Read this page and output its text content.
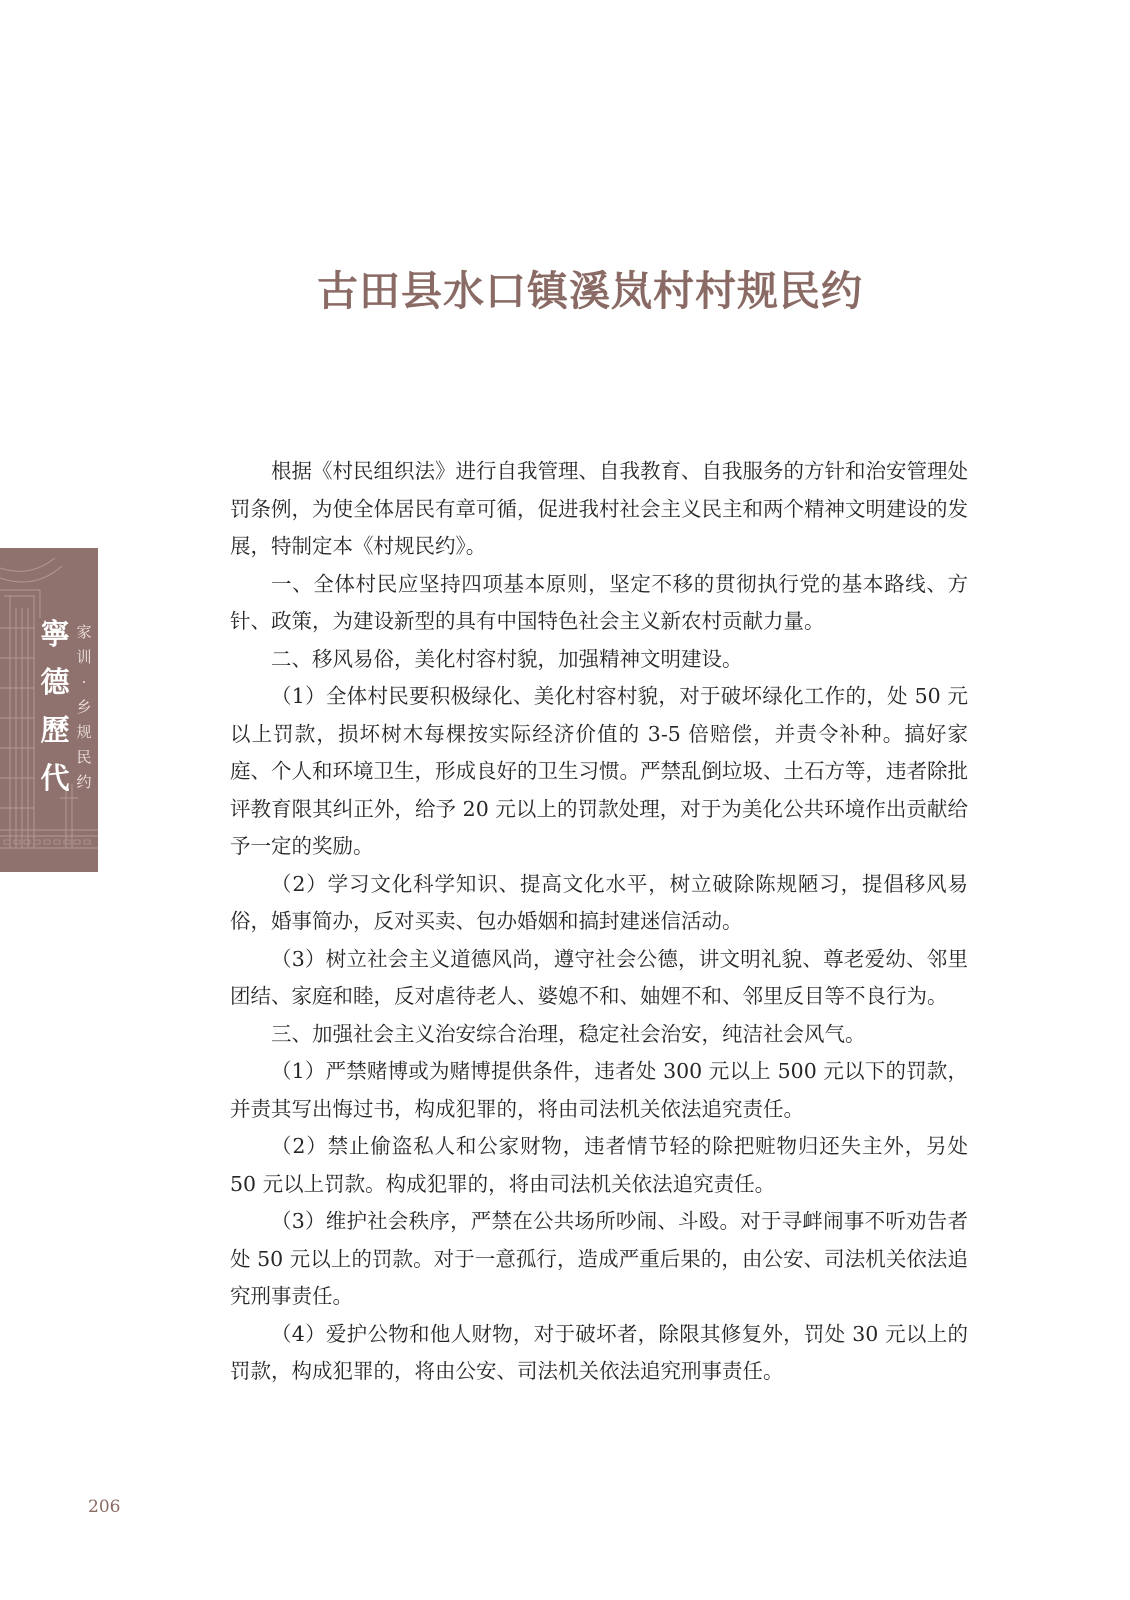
古田县水口镇溪岚村村规民约
寧
德
歷
代
家
训
·
乡
规
民
约

根据《村民组织法》进行自我管理、自我教育、自我服务的方针和治安管理处罚条例，为使全体居民有章可循，促进我村社会主义民主和两个精神文明建设的发展，特制定本《村规民约》。

一、全体村民应坚持四项基本原则，坚定不移的贯彻执行党的基本路线、方针、政策，为建设新型的具有中国特色社会主义新农村贡献力量。

二、移风易俗，美化村容村貌，加强精神文明建设。

（1）全体村民要积极绿化、美化村容村貌，对于破坏绿化工作的，处 50 元以上罚款，损坏树木每棵按实际经济价值的 3-5 倍赔偿，并责令补种。搞好家庭、个人和环境卫生，形成良好的卫生习惯。严禁乱倒垃圾、土石方等，违者除批评教育限其纠正外，给予 20 元以上的罚款处理，对于为美化公共环境作出贡献给予一定的奖励。

（2）学习文化科学知识、提高文化水平，树立破除陈规陋习，提倡移风易俗，婚事简办，反对买卖、包办婚姻和搞封建迷信活动。

（3）树立社会主义道德风尚，遵守社会公德，讲文明礼貌、尊老爱幼、邻里团结、家庭和睦，反对虐待老人、婆媳不和、妯娌不和、邻里反目等不良行为。

三、加强社会主义治安综合治理，稳定社会治安，纯洁社会风气。

（1）严禁赌博或为赌博提供条件，违者处 300 元以上 500 元以下的罚款，并责其写出悔过书，构成犯罪的，将由司法机关依法追究责任。

（2）禁止偷盗私人和公家财物，违者情节轻的除把赃物归还失主外，另处 50 元以上罚款。构成犯罪的，将由司法机关依法追究责任。

（3）维护社会秩序，严禁在公共场所吵闹、斗殴。对于寻衅闹事不听劝告者处 50 元以上的罚款。对于一意孤行，造成严重后果的，由公安、司法机关依法追究刑事责任。

（4）爱护公物和他人财物，对于破坏者，除限其修复外，罚处 30 元以上的罚款，构成犯罪的，将由公安、司法机关依法追究刑事责任。

206
